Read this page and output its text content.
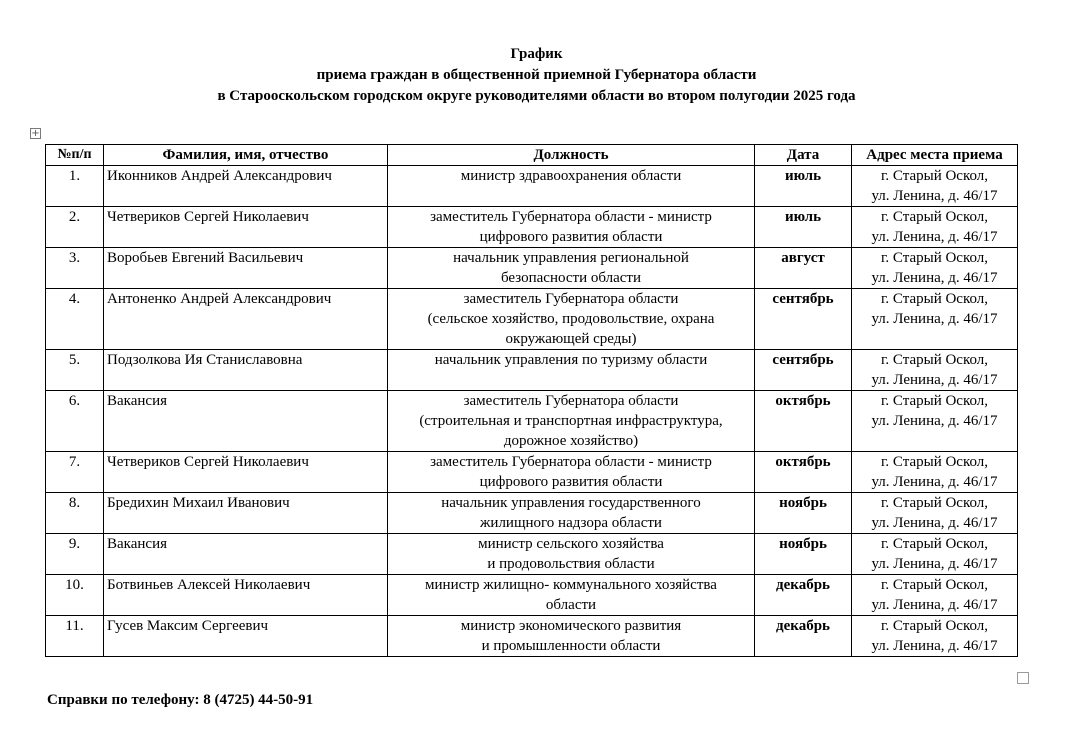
График
приема граждан в общественной приемной Губернатора области
в Старооскольском городском округе руководителями области во втором полугодии 2025 года
+
№п/п	Фамилия, имя, отчество	Должность	Дата	Адрес места приема
1.	Иконников Андрей Александрович	министр здравоохранения области	июль	г. Старый Оскол,
ул. Ленина, д. 46/17
2.	Четвериков Сергей Николаевич	заместитель Губернатора области - министр
цифрового развития области	июль	г. Старый Оскол,
ул. Ленина, д. 46/17
3.	Воробьев Евгений Васильевич	начальник управления региональной
безопасности области	август	г. Старый Оскол,
ул. Ленина, д. 46/17
4.	Антоненко Андрей Александрович	заместитель Губернатора области
(сельское хозяйство, продовольствие, охрана
окружающей среды)	сентябрь	г. Старый Оскол,
ул. Ленина, д. 46/17
5.	Подзолкова Ия Станиславовна	начальник управления по туризму области	сентябрь	г. Старый Оскол,
ул. Ленина, д. 46/17
6.	Вакансия	заместитель Губернатора области
(строительная и транспортная инфраструктура,
дорожное хозяйство)	октябрь	г. Старый Оскол,
ул. Ленина, д. 46/17
7.	Четвериков Сергей Николаевич	заместитель Губернатора области - министр
цифрового развития области	октябрь	г. Старый Оскол,
ул. Ленина, д. 46/17
8.	Бредихин Михаил Иванович	начальник управления государственного
жилищного надзора области	ноябрь	г. Старый Оскол,
ул. Ленина, д. 46/17
9.	Вакансия	министр сельского хозяйства
и продовольствия области	ноябрь	г. Старый Оскол,
ул. Ленина, д. 46/17
10.	Ботвиньев Алексей Николаевич	министр жилищно- коммунального хозяйства
области	декабрь	г. Старый Оскол,
ул. Ленина, д. 46/17
11.	Гусев Максим Сергеевич	министр экономического развития
и промышленности области	декабрь	г. Старый Оскол,
ул. Ленина, д. 46/17
Справки по телефону: 8 (4725) 44-50-91
